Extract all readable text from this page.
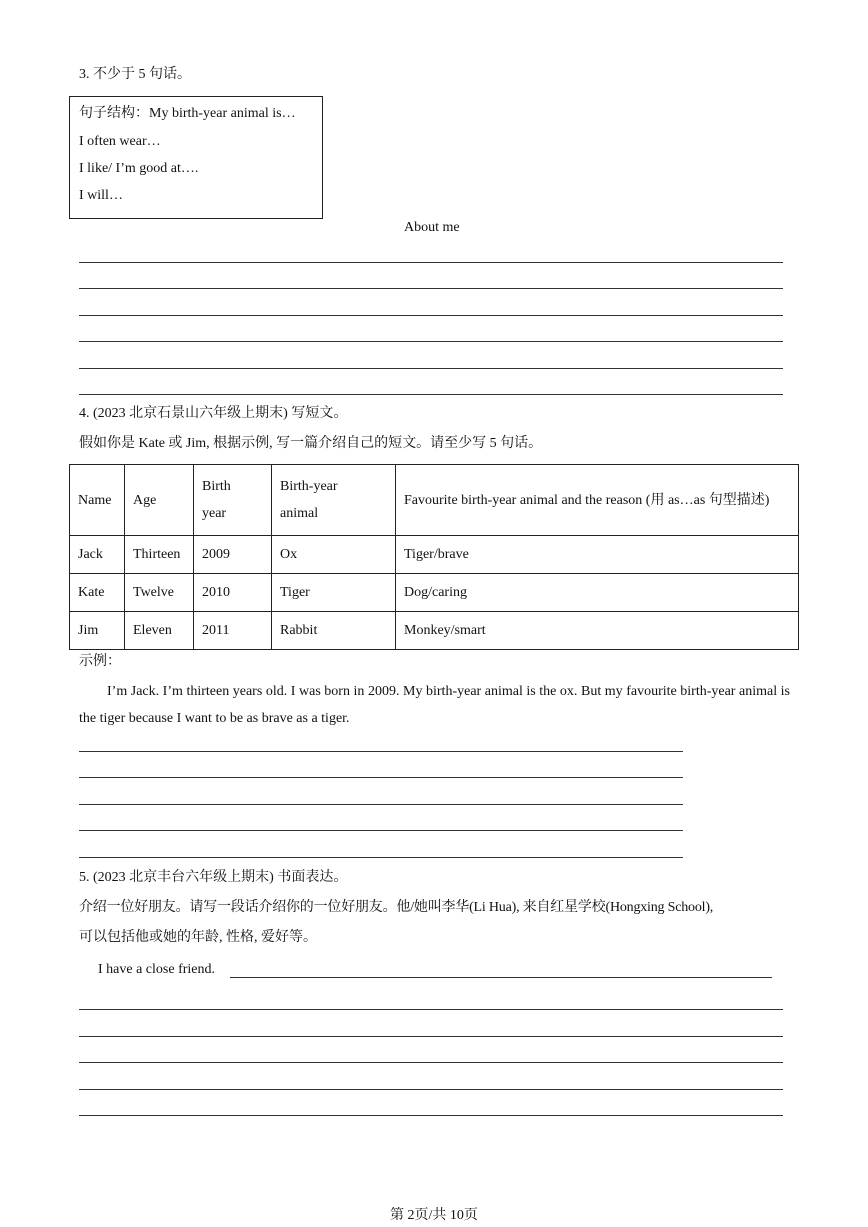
3. 不少于 5 句话。
句子结构：My birth-year animal is…
I often wear…
I like/ I’m good at….
I will…
About me
4. (2023 北京石景山六年级上期末) 写短文。
假如你是 Kate 或 Jim, 根据示例, 写一篇介绍自己的短文。请至少写 5 句话。
Name	Age	Birth year	Birth-year animal	Favourite birth-year animal and the reason (用 as…as 句型描述)
Jack	Thirteen	2009	Ox	Tiger/brave
Kate	Twelve	2010	Tiger	Dog/caring
Jim	Eleven	2011	Rabbit	Monkey/smart
示例：
I’m Jack. I’m thirteen years old. I was born in 2009. My birth-year animal is the ox. But my favourite birth-year animal is the tiger because I want to be as brave as a tiger.
5. (2023 北京丰台六年级上期末) 书面表达。
介绍一位好朋友。请写一段话介绍你的一位好朋友。他/她叫李华(Li Hua), 来自红星学校(Hongxing School),
可以包括他或她的年龄, 性格, 爱好等。
I have a close friend.
第 2页/共 10页
